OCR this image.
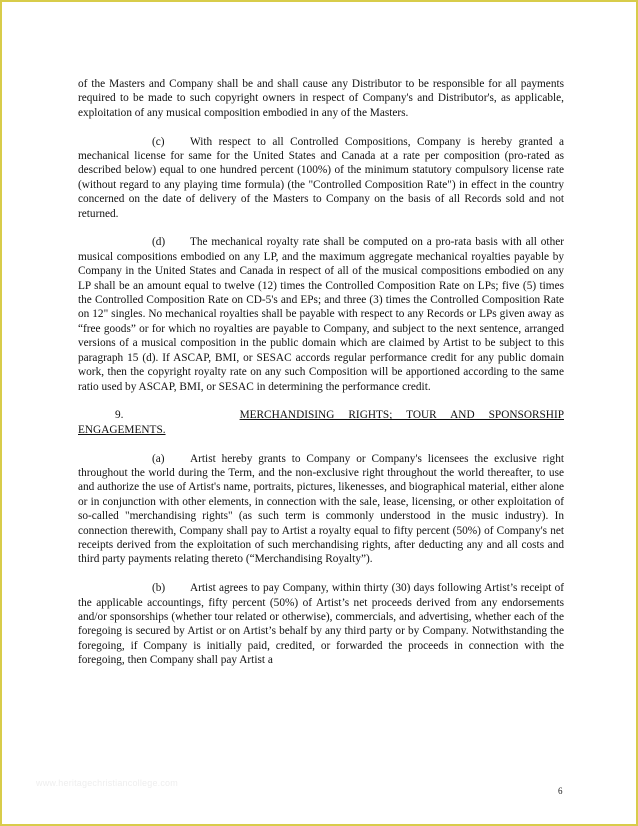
of the Masters and Company shall be and shall cause any Distributor to be responsible for all payments required to be made to such copyright owners in respect of Company's and Distributor's, as applicable, exploitation of any musical composition embodied in any of the Masters.

(c) With respect to all Controlled Compositions, Company is hereby granted a mechanical license for same for the United States and Canada at a rate per composition (pro-rated as described below) equal to one hundred percent (100%) of the minimum statutory compulsory license rate (without regard to any playing time formula) (the "Controlled Composition Rate") in effect in the country concerned on the date of delivery of the Masters to Company on the basis of all Records sold and not returned.

(d) The mechanical royalty rate shall be computed on a pro-rata basis with all other musical compositions embodied on any LP, and the maximum aggregate mechanical royalties payable by Company in the United States and Canada in respect of all of the musical compositions embodied on any LP shall be an amount equal to twelve (12) times the Controlled Composition Rate on LPs; five (5) times the Controlled Composition Rate on CD-5's and EPs; and three (3) times the Controlled Composition Rate on 12" singles. No mechanical royalties shall be payable with respect to any Records or LPs given away as “free goods” or for which no royalties are payable to Company, and subject to the next sentence, arranged versions of a musical composition in the public domain which are claimed by Artist to be subject to this paragraph 15 (d). If ASCAP, BMI, or SESAC accords regular performance credit for any public domain work, then the copyright royalty rate on any such Composition will be apportioned according to the same ratio used by ASCAP, BMI, or SESAC in determining the performance credit.

9.	MERCHANDISING RIGHTS; TOUR AND SPONSORSHIP
ENGAGEMENTS.

(a) Artist hereby grants to Company or Company's licensees the exclusive right throughout the world during the Term, and the non-exclusive right throughout the world thereafter, to use and authorize the use of Artist's name, portraits, pictures, likenesses, and biographical material, either alone or in conjunction with other elements, in connection with the sale, lease, licensing, or other exploitation of so-called "merchandising rights" (as such term is commonly understood in the music industry). In connection therewith, Company shall pay to Artist a royalty equal to fifty percent (50%) of Company's net receipts derived from the exploitation of such merchandising rights, after deducting any and all costs and third party payments relating thereto (“Merchandising Royalty”).

(b) Artist agrees to pay Company, within thirty (30) days following Artist’s receipt of the applicable accountings, fifty percent (50%) of Artist’s net proceeds derived from any endorsements and/or sponsorships (whether tour related or otherwise), commercials, and advertising, whether each of the foregoing is secured by Artist or on Artist’s behalf by any third party or by Company. Notwithstanding the foregoing, if Company is initially paid, credited, or forwarded the proceeds in connection with the foregoing, then Company shall pay Artist a

www.heritagechristiancollege.com
6
